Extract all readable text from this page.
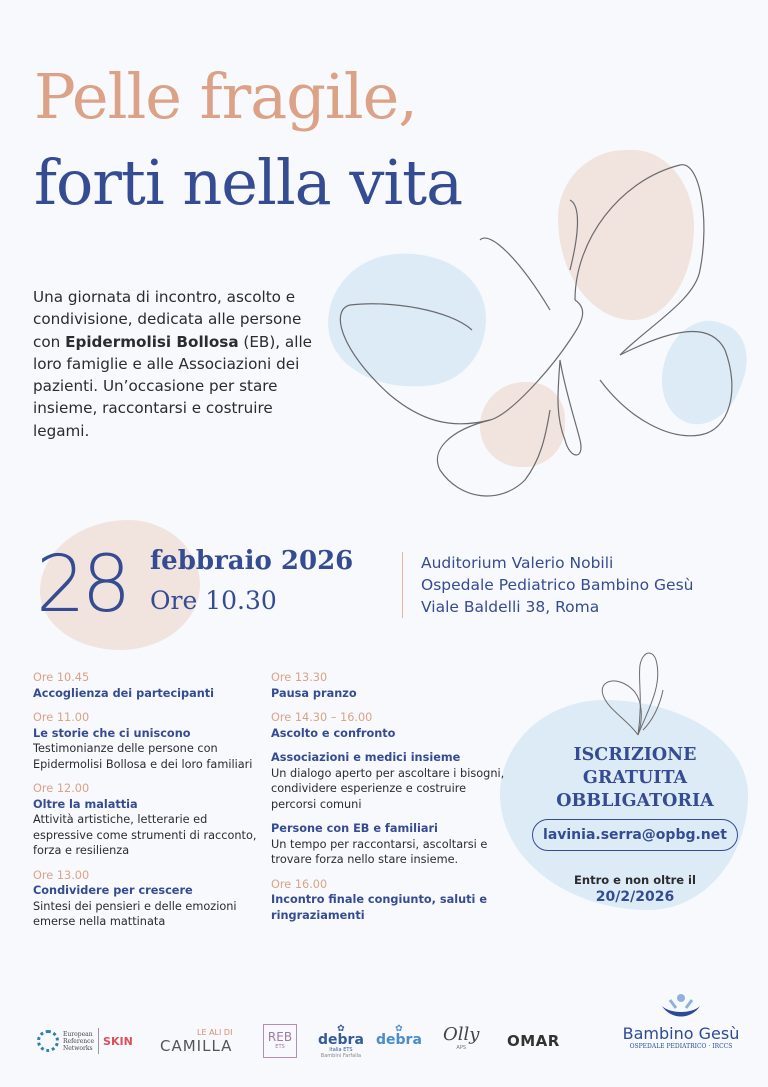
Pelle fragile,
forti nella vita

Una giornata di incontro, ascolto e condivisione, dedicata alle persone con Epidermolisi Bollosa (EB), alle loro famiglie e alle Associazioni dei pazienti. Un’occasione per stare insieme, raccontarsi e costruire legami.

28 febbraio 2026
Ore 10.30
Auditorium Valerio Nobili
Ospedale Pediatrico Bambino Gesù
Viale Baldelli 38, Roma
Ore 10.45
Accoglienza dei partecipanti
Ore 11.00
Le storie che ci uniscono
Testimonianze delle persone con Epidermolisi Bollosa e dei loro familiari
Ore 12.00
Oltre la malattia
Attività artistiche, letterarie ed espressive come strumenti di racconto, forza e resilienza
Ore 13.00
Condividere per crescere
Sintesi dei pensieri e delle emozioni emerse nella mattinata
Ore 13.30
Pausa pranzo
Ore 14.30 – 16.00
Ascolto e confronto
Associazioni e medici insieme
Un dialogo aperto per ascoltare i bisogni, condividere esperienze e costruire percorsi comuni
Persone con EB e familiari
Un tempo per raccontarsi, ascoltarsi e trovare forza nello stare insieme.
Ore 16.00
Incontro finale congiunto, saluti e ringraziamenti
ISCRIZIONE
GRATUITA
OBBLIGATORIA
lavinia.serra@opbg.net
Entro e non oltre il
20/2/2026
European
Reference
Networks
SKIN
LE ALI DI
CAMILLA	REB
ETS
✿
debra
Italia ETS
Bambini Farfalla
✿
debra Olly
APS	OMAR	Bambino Gesù
OSPEDALE PEDIATRICO · IRCCS
